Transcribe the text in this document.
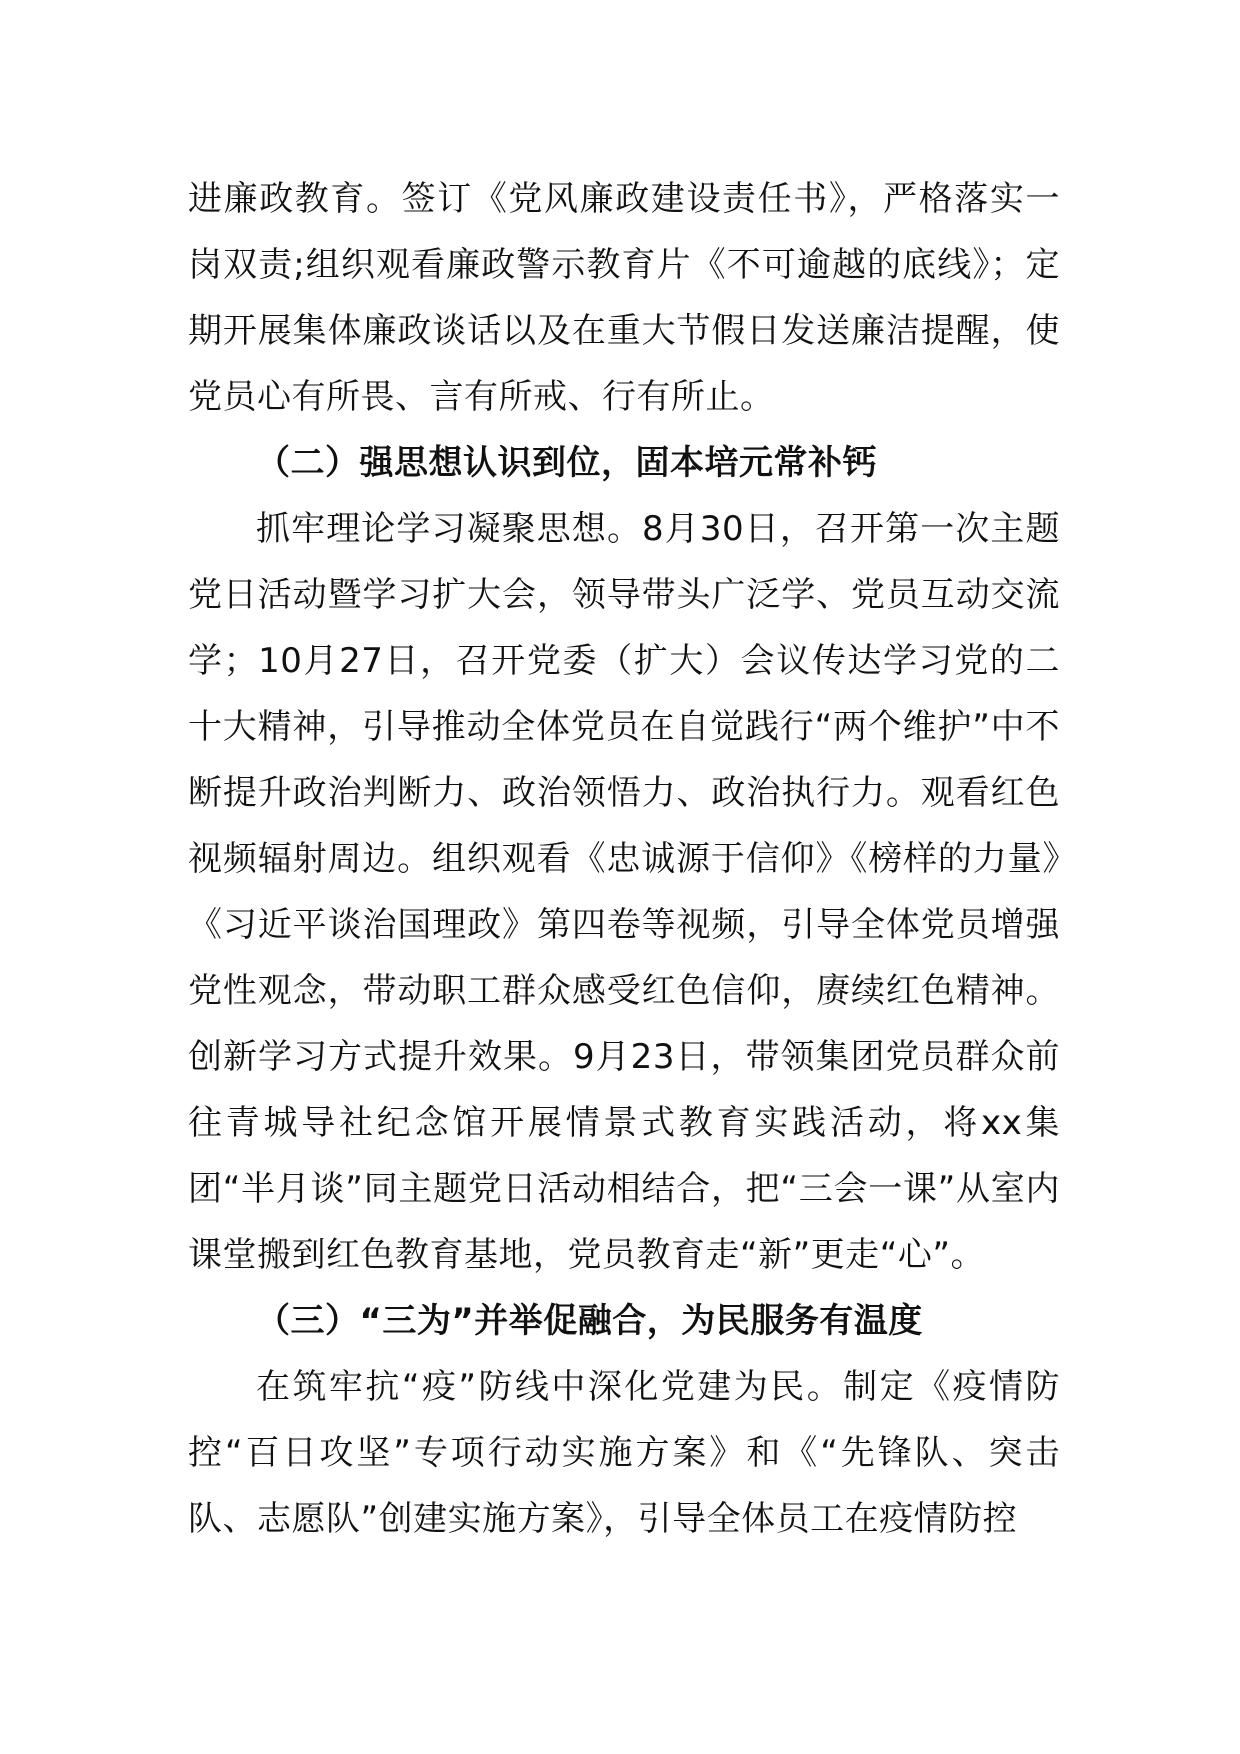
进廉政教育。签订《党风廉政建设责任书》，严格落实一岗双责;组织观看廉政警示教育片《不可逾越的底线》；定期开展集体廉政谈话以及在重大节假日发送廉洁提醒，使党员心有所畏、言有所戒、行有所止。

（二）强思想认识到位，固本培元常补钙

抓牢理论学习凝聚思想。8月30日，召开第一次主题党日活动暨学习扩大会，领导带头广泛学、党员互动交流学；10月27日，召开党委（扩大）会议传达学习党的二十大精神，引导推动全体党员在自觉践行“两个维护”中不断提升政治判断力、政治领悟力、政治执行力。观看红色视频辐射周边。组织观看《忠诚源于信仰》《榜样的力量》《习近平谈治国理政》第四卷等视频，引导全体党员增强党性观念，带动职工群众感受红色信仰，赓续红色精神。创新学习方式提升效果。9月23日，带领集团党员群众前往青城导社纪念馆开展情景式教育实践活动，将xx集团“半月谈”同主题党日活动相结合，把“三会一课”从室内课堂搬到红色教育基地，党员教育走“新”更走“心”。

（三）“三为”并举促融合，为民服务有温度

在筑牢抗“疫”防线中深化党建为民。制定《疫情防控“百日攻坚”专项行动实施方案》和《“先锋队、突击队、志愿队”创建实施方案》，引导全体员工在疫情防控
